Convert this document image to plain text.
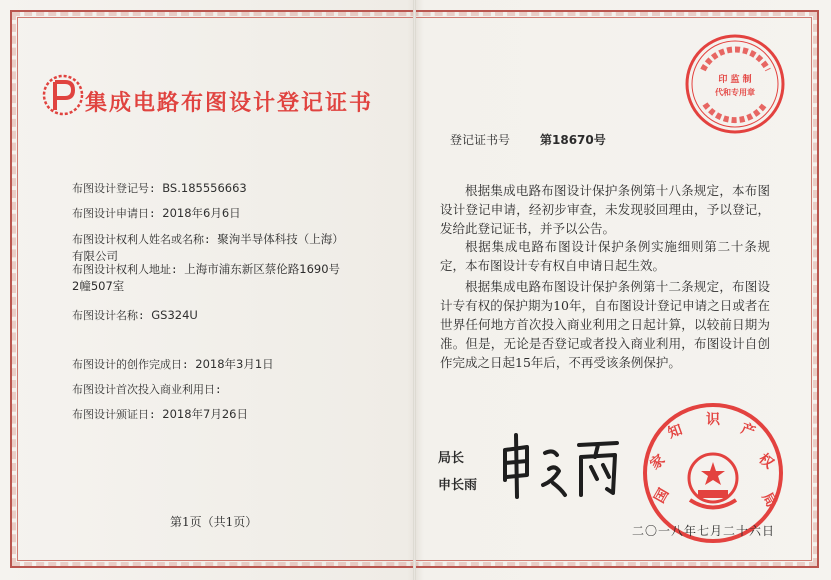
集成电路布图设计登记证书
布图设计登记号: BS.185556663
布图设计申请日: 2018年6月6日
布图设计权利人姓名或名称: 聚洵半导体科技（上海）有限公司
布图设计权利人地址: 上海市浦东新区蔡伦路1690号2幢507室
布图设计名称: GS324U
布图设计的创作完成日: 2018年3月1日
布图设计首次投入商业利用日:
布图设计颁证日: 2018年7月26日
第1页（共1页）
登记证书号 第18670号
根据集成电路布图设计保护条例第十八条规定，本布图设计登记申请，经初步审查，未发现驳回理由，予以登记，发给此登记证书，并予以公告。
根据集成电路布图设计保护条例实施细则第二十条规定，本布图设计专有权自申请日起生效。
根据集成电路布图设计保护条例第十二条规定，布图设计专有权的保护期为10年，自布图设计登记申请之日或者在世界任何地方首次投入商业利用之日起计算，以较前日期为准。但是，无论是否登记或者投入商业利用，布图设计自创作完成之日起15年后，不再受该条例保护。
局长
申长雨
印 监 制
代和专用章
国
家
知
识
产
权
局
二〇一八年七月二十六日
